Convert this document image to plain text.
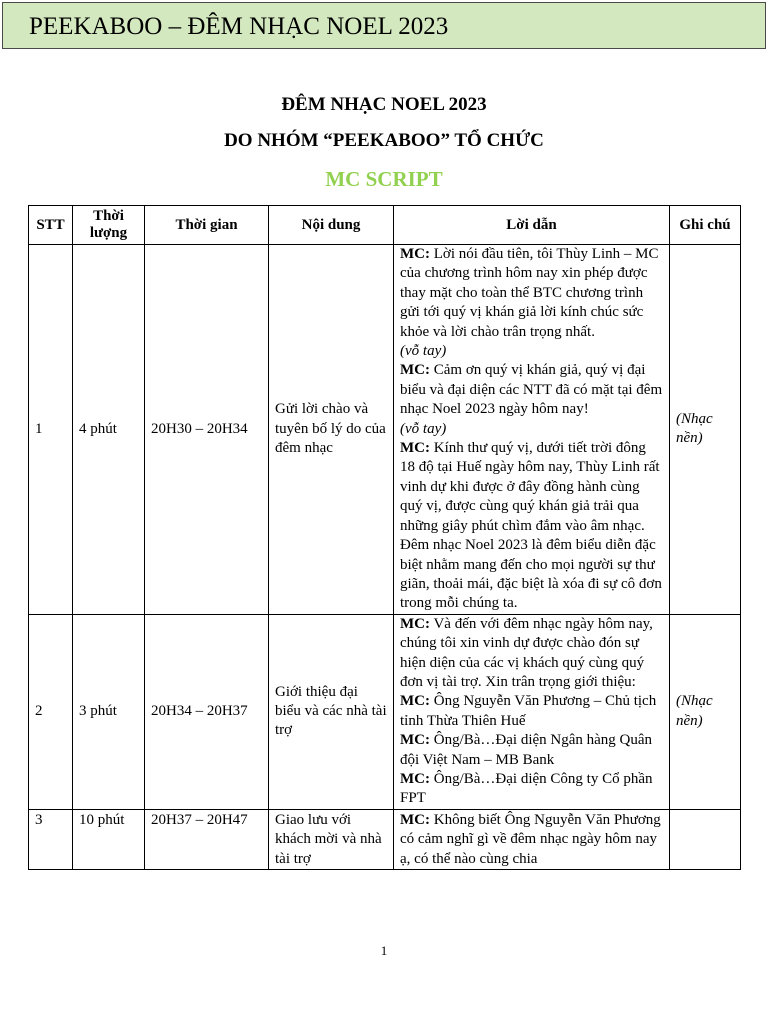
PEEKABOO – ĐÊM NHẠC NOEL 2023
ĐÊM NHẠC NOEL 2023
DO NHÓM “PEEKABOO” TỔ CHỨC
MC SCRIPT
STT	Thời lượng	Thời gian	Nội dung	Lời dẫn	Ghi chú
1	4 phút	20H30 – 20H34	Gửi lời chào và tuyên bố lý do của đêm nhạc	MC: Lời nói đầu tiên, tôi Thùy Linh – MC của chương trình hôm nay xin phép được thay mặt cho toàn thể BTC chương trình gửi tới quý vị khán giả lời kính chúc sức khỏe và lời chào trân trọng nhất.
(vỗ tay)
MC: Cảm ơn quý vị khán giả, quý vị đại biểu và đại diện các NTT đã có mặt tại đêm nhạc Noel 2023 ngày hôm nay!
(vỗ tay)
MC: Kính thư quý vị, dưới tiết trời đông 18 độ tại Huế ngày hôm nay, Thùy Linh rất vinh dự khi được ở đây đồng hành cùng quý vị, được cùng quý khán giả trải qua những giây phút chìm đắm vào âm nhạc. Đêm nhạc Noel 2023 là đêm biểu diễn đặc biệt nhằm mang đến cho mọi người sự thư giãn, thoải mái, đặc biệt là xóa đi sự cô đơn trong mỗi chúng ta.	(Nhạc nền)
2	3 phút	20H34 – 20H37	Giới thiệu đại biểu và các nhà tài trợ	MC: Và đến với đêm nhạc ngày hôm nay, chúng tôi xin vinh dự được chào đón sự hiện diện của các vị khách quý cùng quý đơn vị tài trợ. Xin trân trọng giới thiệu:
MC: Ông Nguyễn Văn Phương – Chủ tịch tỉnh Thừa Thiên Huế
MC: Ông/Bà…Đại diện Ngân hàng Quân đội Việt Nam – MB Bank
MC: Ông/Bà…Đại diện Công ty Cổ phần FPT	(Nhạc nền)
3	10 phút	20H37 – 20H47	Giao lưu với khách mời và nhà tài trợ	MC: Không biết Ông Nguyễn Văn Phương có cảm nghĩ gì về đêm nhạc ngày hôm nay ạ, có thể nào cùng chia	

1
